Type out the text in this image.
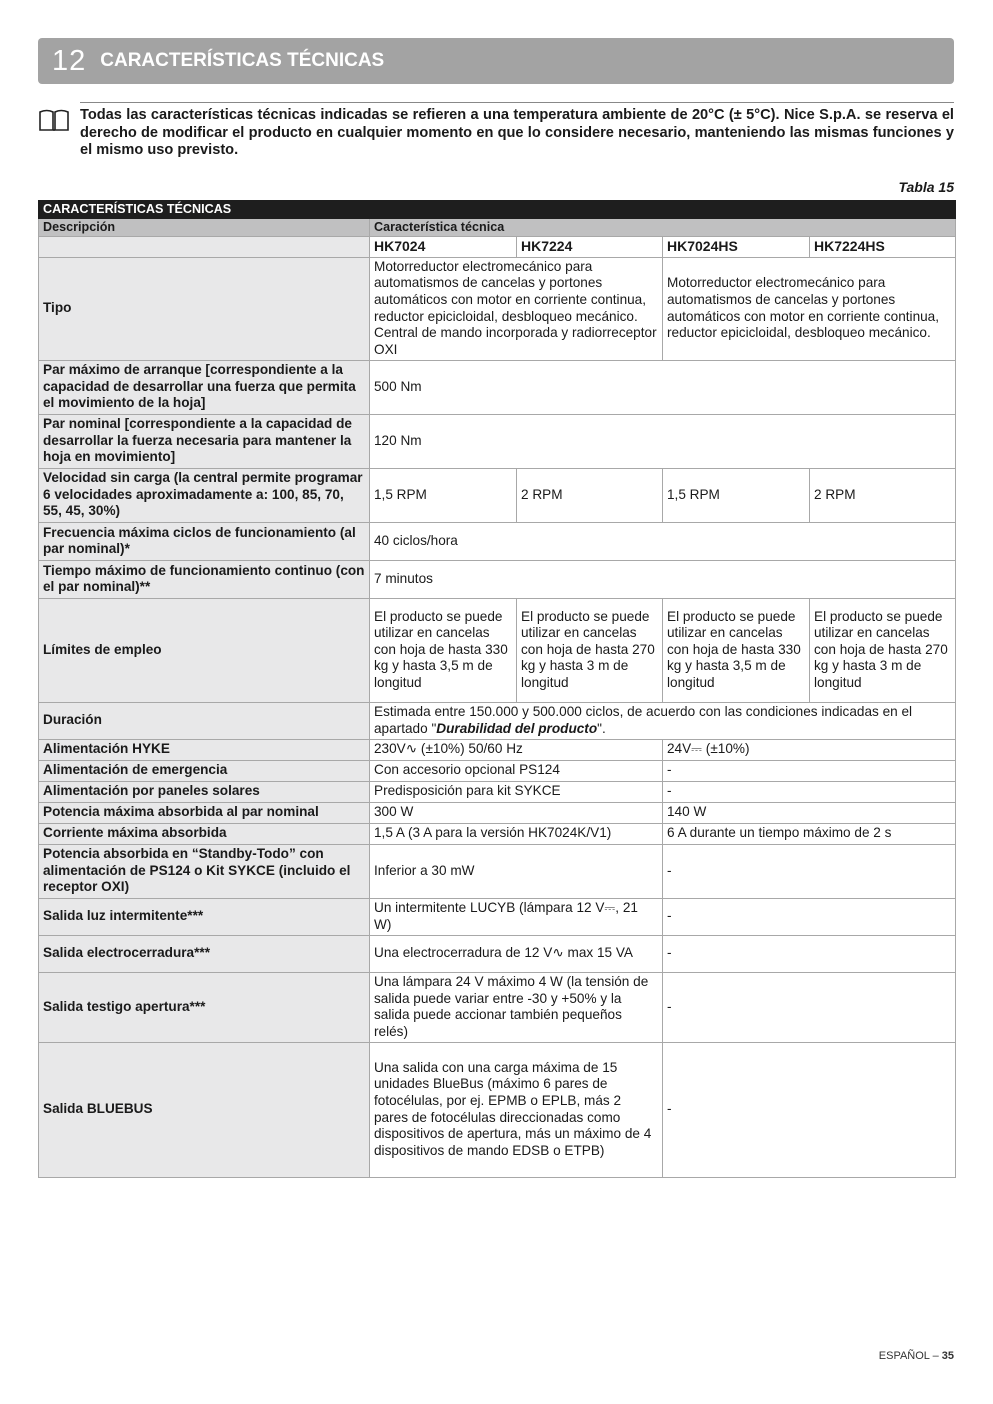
12 CARACTERÍSTICAS TÉCNICAS
Todas las características técnicas indicadas se refieren a una temperatura ambiente de 20°C (± 5°C). Nice S.p.A. se reserva el derecho de modificar el producto en cualquier momento en que lo considere necesario, manteniendo las mismas funciones y el mismo uso previsto.
Tabla 15
CARACTERÍSTICAS TÉCNICAS				
Descripción	Característica técnica			
	HK7024	HK7224	HK7024HS	HK7224HS
Tipo	Motorreductor electromecánico para automatismos de cancelas y portones automáticos con motor en corriente continua, reductor epicicloidal, desbloqueo mecánico. Central de mando incorporada y radiorreceptor OXI		Motorreductor electromecánico para automatismos de cancelas y portones automáticos con motor en corriente continua, reductor epicicloidal, desbloqueo mecánico.	
Par máximo de arranque [correspondiente a la capacidad de desarrollar una fuerza que permita el movimiento de la hoja]	500 Nm			
Par nominal [correspondiente a la capacidad de desarrollar la fuerza necesaria para mantener la hoja en movimiento]	120 Nm			
Velocidad sin carga (la central permite programar 6 velocidades aproximadamente a: 100, 85, 70, 55, 45, 30%)	1,5 RPM	2 RPM	1,5 RPM	2 RPM
Frecuencia máxima ciclos de funcionamiento (al par nominal)*	40 ciclos/hora			
Tiempo máximo de funcionamiento continuo (con el par nominal)**	7 minutos			
Límites de empleo	El producto se puede utilizar en cancelas con hoja de hasta 330 kg y hasta 3,5 m de longitud	El producto se puede utilizar en cancelas con hoja de hasta 270 kg y hasta 3 m de longitud	El producto se puede utilizar en cancelas con hoja de hasta 330 kg y hasta 3,5 m de longitud	El producto se puede utilizar en cancelas con hoja de hasta 270 kg y hasta 3 m de longitud
Duración	Estimada entre 150.000 y 500.000 ciclos, de acuerdo con las condiciones indicadas en el apartado "Durabilidad del producto".			
Alimentación HYKE	230V∿ (±10%) 50/60 Hz		24V⎓ (±10%)	
Alimentación de emergencia	Con accesorio opcional PS124		-	
Alimentación por paneles solares	Predisposición para kit SYKCE		-	
Potencia máxima absorbida al par nominal	300 W		140 W	
Corriente máxima absorbida	1,5 A (3 A para la versión HK7024K/V1)		6 A durante un tiempo máximo de 2 s	
Potencia absorbida en “Standby-Todo” con alimentación de PS124 o Kit SYKCE (incluido el receptor OXI)	Inferior a 30 mW		-	
Salida luz intermitente***	Un intermitente LUCYB (lámpara 12 V⎓, 21 W)		-	
Salida electrocerradura***	Una electrocerradura de 12 V∿ max 15 VA		-	
Salida testigo apertura***	Una lámpara 24 V máximo 4 W (la tensión de salida puede variar entre -30 y +50% y la salida puede accionar también pequeños relés)		-	
Salida BLUEBUS	Una salida con una carga máxima de 15 unidades BlueBus (máximo 6 pares de fotocélulas, por ej. EPMB o EPLB, más 2 pares de fotocélulas direccionadas como dispositivos de apertura, más un máximo de 4 dispositivos de mando EDSB o ETPB)		-	
ESPAÑOL – 35
